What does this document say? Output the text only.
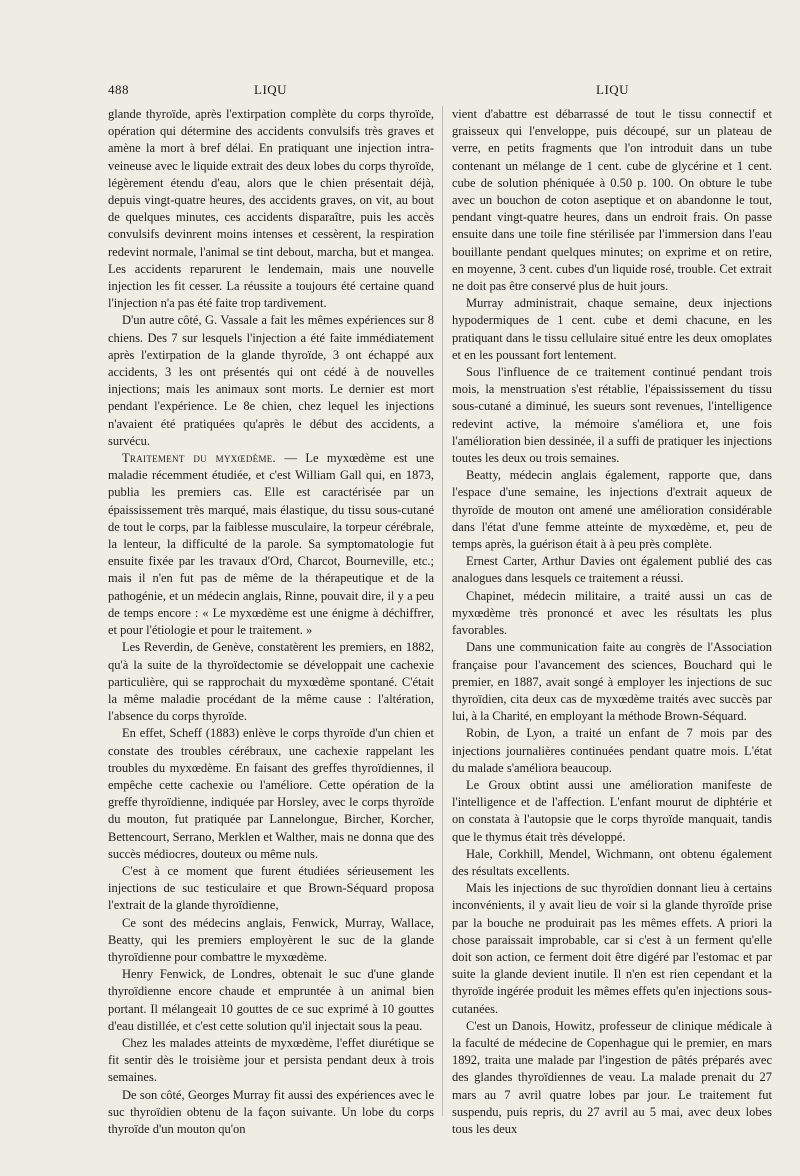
488	LIQU	LIQU

glande thyroïde, après l'extirpation complète du corps thyroïde, opération qui détermine des accidents convulsifs très graves et amène la mort à bref délai. En pratiquant une injection intra-veineuse avec le liquide extrait des deux lobes du corps thyroïde, légèrement étendu d'eau, alors que le chien présentait déjà, depuis vingt-quatre heures, des accidents graves, on vit, au bout de quelques minutes, ces accidents disparaître, puis les accès convulsifs devinrent moins intenses et cessèrent, la respiration redevint normale, l'animal se tint debout, marcha, but et mangea. Les accidents reparurent le lendemain, mais une nouvelle injection les fit cesser. La réussite a toujours été certaine quand l'injection n'a pas été faite trop tardivement.

D'un autre côté, G. Vassale a fait les mêmes expériences sur 8 chiens. Des 7 sur lesquels l'injection a été faite immédiatement après l'extirpation de la glande thyroïde, 3 ont échappé aux accidents, 3 les ont présentés qui ont cédé à de nouvelles injections; mais les animaux sont morts. Le dernier est mort pendant l'expérience. Le 8e chien, chez lequel les injections n'avaient été pratiquées qu'après le début des accidents, a survécu.

Traitement du myxœdème. — Le myxœdème est une maladie récemment étudiée, et c'est William Gall qui, en 1873, publia les premiers cas. Elle est caractérisée par un épaississement très marqué, mais élastique, du tissu sous-cutané de tout le corps, par la faiblesse musculaire, la torpeur cérébrale, la lenteur, la difficulté de la parole. Sa symptomatologie fut ensuite fixée par les travaux d'Ord, Charcot, Bourneville, etc.; mais il n'en fut pas de même de la thérapeutique et de la pathogénie, et un médecin anglais, Rinne, pouvait dire, il y a peu de temps encore : « Le myxœdème est une énigme à déchiffrer, et pour l'étiologie et pour le traitement. »

Les Reverdin, de Genève, constatèrent les premiers, en 1882, qu'à la suite de la thyroïdectomie se développait une cachexie particulière, qui se rapprochait du myxœdème spontané. C'était la même maladie procédant de la même cause : l'altération, l'absence du corps thyroïde.

En effet, Scheff (1883) enlève le corps thyroïde d'un chien et constate des troubles cérébraux, une cachexie rappelant les troubles du myxœdème. En faisant des greffes thyroïdiennes, il empêche cette cachexie ou l'améliore. Cette opération de la greffe thyroïdienne, indiquée par Horsley, avec le corps thyroïde du mouton, fut pratiquée par Lannelongue, Bircher, Korcher, Bettencourt, Serrano, Merklen et Walther, mais ne donna que des succès médiocres, douteux ou même nuls.

C'est à ce moment que furent étudiées sérieusement les injections de suc testiculaire et que Brown-Séquard proposa l'extrait de la glande thyroïdienne,

Ce sont des médecins anglais, Fenwick, Murray, Wallace, Beatty, qui les premiers employèrent le suc de la glande thyroïdienne pour combattre le myxœdème.

Henry Fenwick, de Londres, obtenait le suc d'une glande thyroïdienne encore chaude et empruntée à un animal bien portant. Il mélangeait 10 gouttes de ce suc exprimé à 10 gouttes d'eau distillée, et c'est cette solution qu'il injectait sous la peau.

Chez les malades atteints de myxœdème, l'effet diurétique se fit sentir dès le troisième jour et persista pendant deux à trois semaines.

De son côté, Georges Murray fit aussi des expériences avec le suc thyroïdien obtenu de la façon suivante. Un lobe du corps thyroïde d'un mouton qu'on

vient d'abattre est débarrassé de tout le tissu connectif et graisseux qui l'enveloppe, puis découpé, sur un plateau de verre, en petits fragments que l'on introduit dans un tube contenant un mélange de 1 cent. cube de glycérine et 1 cent. cube de solution phéniquée à 0.50 p. 100. On obture le tube avec un bouchon de coton aseptique et on abandonne le tout, pendant vingt-quatre heures, dans un endroit frais. On passe ensuite dans une toile fine stérilisée par l'immersion dans l'eau bouillante pendant quelques minutes; on exprime et on retire, en moyenne, 3 cent. cubes d'un liquide rosé, trouble. Cet extrait ne doit pas être conservé plus de huit jours.

Murray administrait, chaque semaine, deux injections hypodermiques de 1 cent. cube et demi chacune, en les pratiquant dans le tissu cellulaire situé entre les deux omoplates et en les poussant fort lentement.

Sous l'influence de ce traitement continué pendant trois mois, la menstruation s'est rétablie, l'épaississement du tissu sous-cutané a diminué, les sueurs sont revenues, l'intelligence redevint active, la mémoire s'améliora et, une fois l'amélioration bien dessinée, il a suffi de pratiquer les injections toutes les deux ou trois semaines.

Beatty, médecin anglais également, rapporte que, dans l'espace d'une semaine, les injections d'extrait aqueux de thyroïde de mouton ont amené une amélioration considérable dans l'état d'une femme atteinte de myxœdème, et, peu de temps après, la guérison était à à peu près complète.

Ernest Carter, Arthur Davies ont également publié des cas analogues dans lesquels ce traitement a réussi.

Chapinet, médecin militaire, a traité aussi un cas de myxœdème très prononcé et avec les résultats les plus favorables.

Dans une communication faite au congrès de l'Association française pour l'avancement des sciences, Bouchard qui le premier, en 1887, avait songé à employer les injections de suc thyroïdien, cita deux cas de myxœdème traités avec succès par lui, à la Charité, en employant la méthode Brown-Séquard.

Robin, de Lyon, a traité un enfant de 7 mois par des injections journalières continuées pendant quatre mois. L'état du malade s'améliora beaucoup.

Le Groux obtint aussi une amélioration manifeste de l'intelligence et de l'affection. L'enfant mourut de diphtérie et on constata à l'autopsie que le corps thyroïde manquait, tandis que le thymus était très développé.

Hale, Corkhill, Mendel, Wichmann, ont obtenu également des résultats excellents.

Mais les injections de suc thyroïdien donnant lieu à certains inconvénients, il y avait lieu de voir si la glande thyroïde prise par la bouche ne produirait pas les mêmes effets. A priori la chose paraissait improbable, car si c'est à un ferment qu'elle doit son action, ce ferment doit être digéré par l'estomac et par suite la glande devient inutile. Il n'en est rien cependant et la thyroïde ingérée produit les mêmes effets qu'en injections sous-cutanées.

C'est un Danois, Howitz, professeur de clinique médicale à la faculté de médecine de Copenhague qui le premier, en mars 1892, traita une malade par l'ingestion de pâtés préparés avec des glandes thyroïdiennes de veau. La malade prenait du 27 mars au 7 avril quatre lobes par jour. Le traitement fut suspendu, puis repris, du 27 avril au 5 mai, avec deux lobes tous les deux
